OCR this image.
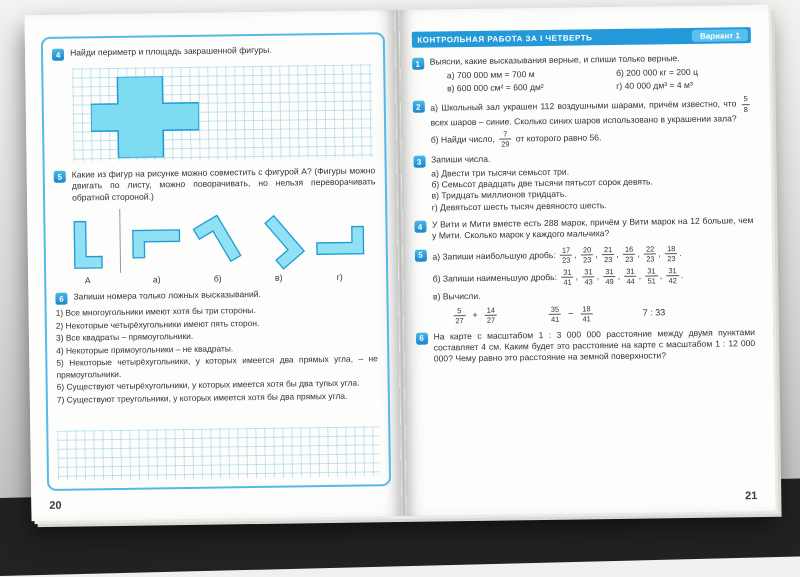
4	Найди периметр и площадь закрашенной фигуры.
5	Какие из фигур на рисунке можно совместить с фигурой А? (Фигуры можно двигать по листу, можно поворачивать, но нельзя переворачивать обратной стороной.)
А	а)	б)	в)	г)
6	Запиши номера только ложных высказываний.
1) Все многоугольники имеют хотя бы три стороны.
2) Некоторые четырёхугольники имеют пять сторон.
3) Все квадраты – прямоугольники.
4) Некоторые прямоугольники – не квадраты.
5) Некоторые четырёхугольники, у которых имеется два прямых угла, – не прямоугольники.
6) Существуют четырёхугольники, у которых имеется хотя бы два тупых угла.
7) Существуют треугольники, у которых имеется хотя бы два прямых угла.
20
КОНТРОЛЬНАЯ РАБОТА ЗА I ЧЕТВЕРТЬ	Вариант 1
1	Выясни, какие высказывания верные, и спиши только верные.
а) 700 000 мм = 700 м	б) 200 000 кг = 200 ц
в) 600 000 см² = 600 дм²	г) 40 000 дм³ = 4 м³
2	а) Школьный зал украшен 112 воздушными шарами, причём известно, что $\frac{5}{8}$
всех шаров – синие. Сколько синих шаров использовано в украшении зала?
б) Найди число, $\frac{7}{29}$ от которого равно 56.
3	Запиши числа.
а) Двести три тысячи семьсот три.
б) Семьсот двадцать две тысячи пятьсот сорок девять.
в) Тридцать миллионов тридцать.
г) Девятьсот шесть тысяч девяносто шесть.
4	У Вити и Мити вместе есть 288 марок, причём у Вити марок на 12 больше, чем у Мити. Сколько марок у каждого мальчика?
5	а) Запиши наибольшую дробь: $\frac{17}{23}$ , $\frac{20}{23}$ , $\frac{21}{23}$ , $\frac{16}{23}$
, $\frac{22}{23}$ , $\frac{18}{23}$
.
б) Запиши наименьшую дробь: $\frac{31}{41}$ , $\frac{31}{43}$ , $\frac{31}{49}$ , $\frac{31}{44}$
, $\frac{31}{51}$ , $\frac{31}{42}$
.
в) Вычисли.
$\frac{5}{27} + \frac{14}{27}$	$\frac{35}{41} - \frac{18}{41}$	7 : 33
6	На карте с масштабом 1 : 3 000 000 расстояние между двумя пунктами составляет 4 см. Каким будет это расстояние на карте с масштабом 1 : 12 000 000? Чему равно это расстояние на земной поверхности?
21
